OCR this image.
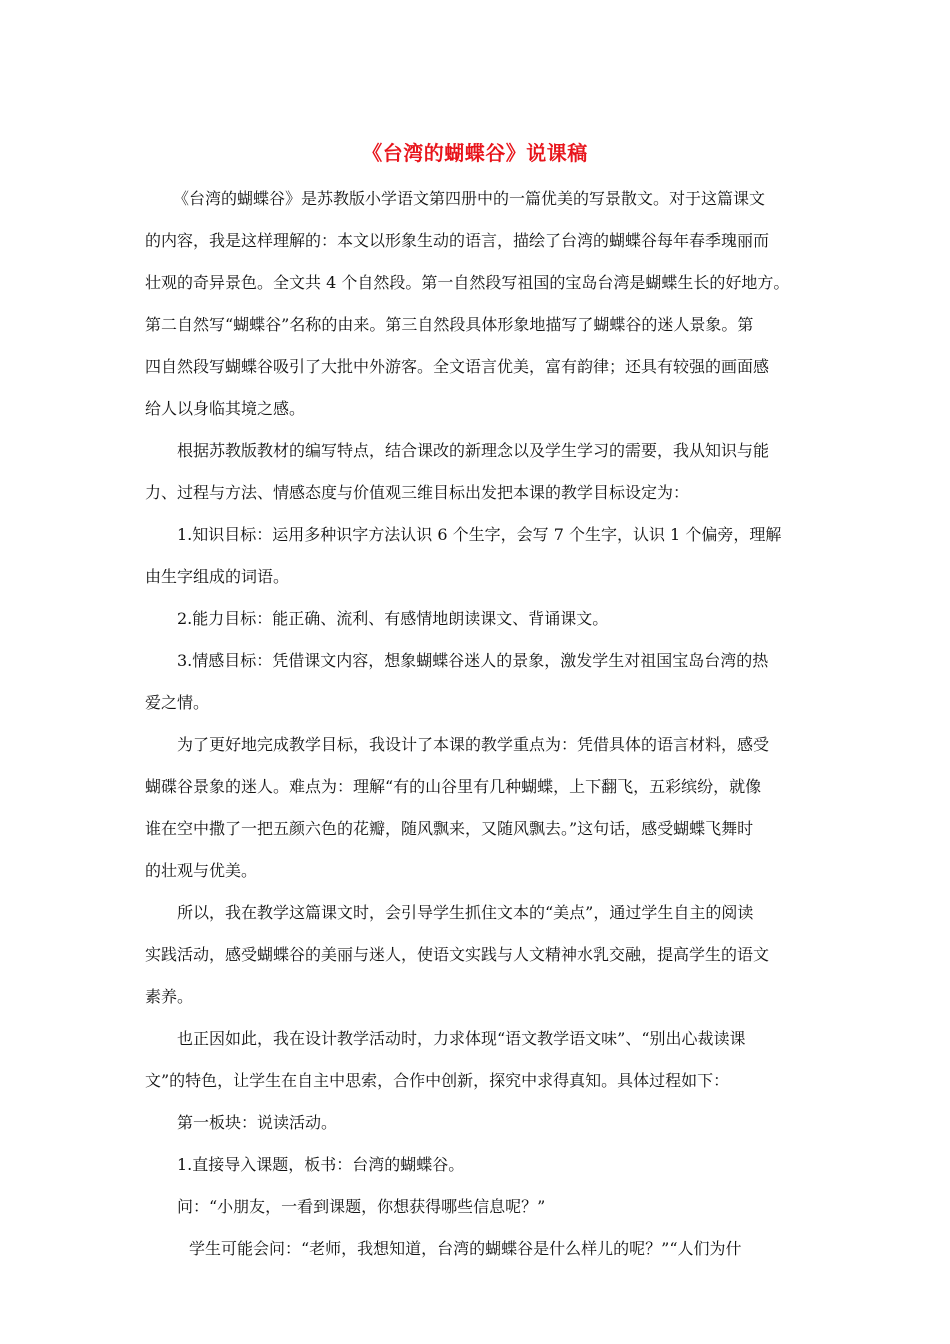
《台湾的蝴蝶谷》说课稿
《台湾的蝴蝶谷》是苏教版小学语文第四册中的一篇优美的写景散文。对于这篇课文
的内容，我是这样理解的：本文以形象生动的语言，描绘了台湾的蝴蝶谷每年春季瑰丽而
壮观的奇异景色。全文共 4 个自然段。第一自然段写祖国的宝岛台湾是蝴蝶生长的好地方。
第二自然写“蝴蝶谷”名称的由来。第三自然段具体形象地描写了蝴蝶谷的迷人景象。第
四自然段写蝴蝶谷吸引了大批中外游客。全文语言优美，富有韵律；还具有较强的画面感
给人以身临其境之感。
根据苏教版教材的编写特点，结合课改的新理念以及学生学习的需要，我从知识与能
力、过程与方法、情感态度与价值观三维目标出发把本课的教学目标设定为：
1.知识目标：运用多种识字方法认识 6 个生字，会写 7 个生字，认识 1 个偏旁，理解
由生字组成的词语。
2.能力目标：能正确、流利、有感情地朗读课文、背诵课文。
3.情感目标：凭借课文内容，想象蝴蝶谷迷人的景象，激发学生对祖国宝岛台湾的热
爱之情。
为了更好地完成教学目标，我设计了本课的教学重点为：凭借具体的语言材料，感受
蝴碟谷景象的迷人。难点为：理解“有的山谷里有几种蝴蝶，上下翻飞，五彩缤纷，就像
谁在空中撒了一把五颜六色的花瓣，随风飘来，又随风飘去。”这句话，感受蝴蝶飞舞时
的壮观与优美。
所以，我在教学这篇课文时，会引导学生抓住文本的“美点”，通过学生自主的阅读
实践活动，感受蝴蝶谷的美丽与迷人，使语文实践与人文精神水乳交融，提高学生的语文
素养。
也正因如此，我在设计教学活动时，力求体现“语文教学语文味”、“别出心裁读课
文”的特色，让学生在自主中思索，合作中创新，探究中求得真知。具体过程如下：
第一板块：说读活动。
1.直接导入课题，板书：台湾的蝴蝶谷。
问：“小朋友，一看到课题，你想获得哪些信息呢？”
学生可能会问：“老师，我想知道，台湾的蝴蝶谷是什么样儿的呢？”“人们为什
